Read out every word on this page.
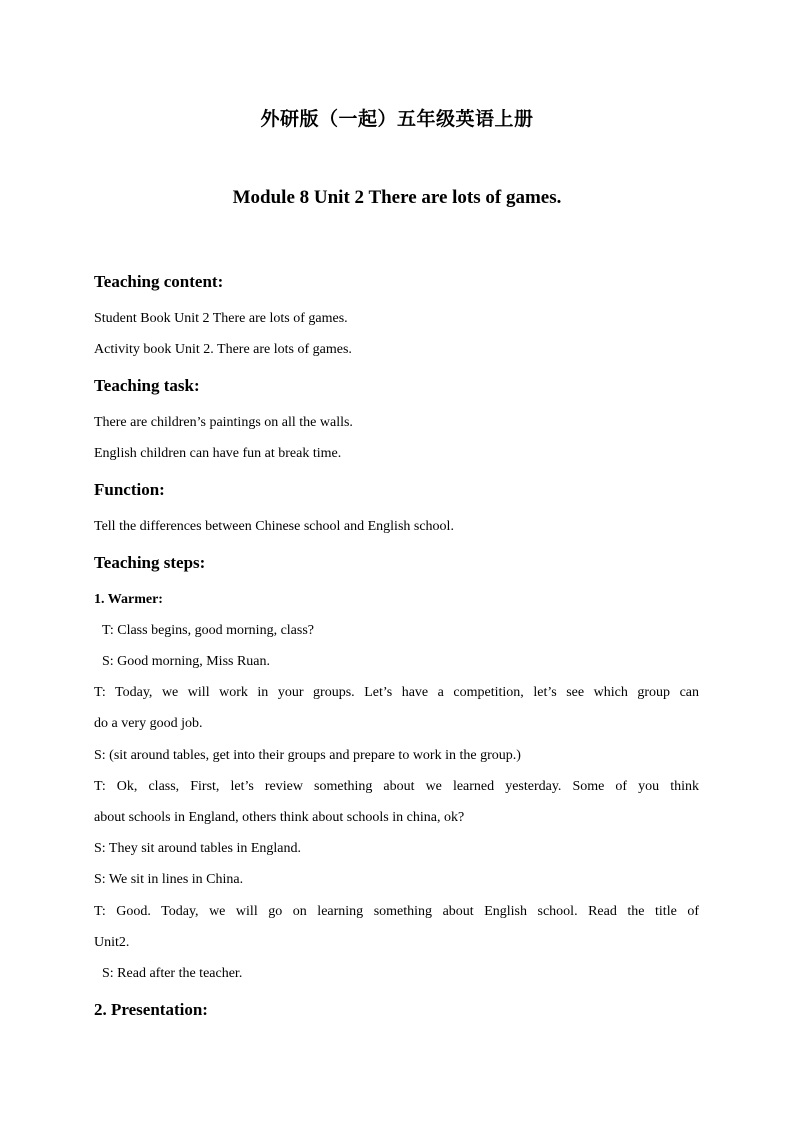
外研版（一起）五年级英语上册
Module 8 Unit 2 There are lots of games.
Teaching content:
Student Book Unit 2 There are lots of games.
Activity book Unit 2. There are lots of games.
Teaching task:
There are children’s paintings on all the walls.
English children can have fun at break time.
Function:
Tell the differences between Chinese school and English school.
Teaching steps:
1. Warmer:
T: Class begins, good morning, class?
S: Good morning, Miss Ruan.
T: Today, we will work in your groups. Let’s have a competition, let’s see which group can
do a very good job.
S: (sit around tables, get into their groups and prepare to work in the group.)
T: Ok, class, First, let’s review something about we learned yesterday. Some of you think
about schools in England, others think about schools in china, ok?
S: They sit around tables in England.
S: We sit in lines in China.
T: Good. Today, we will go on learning something about English school. Read the title of
Unit2.
S: Read after the teacher.
2. Presentation:
